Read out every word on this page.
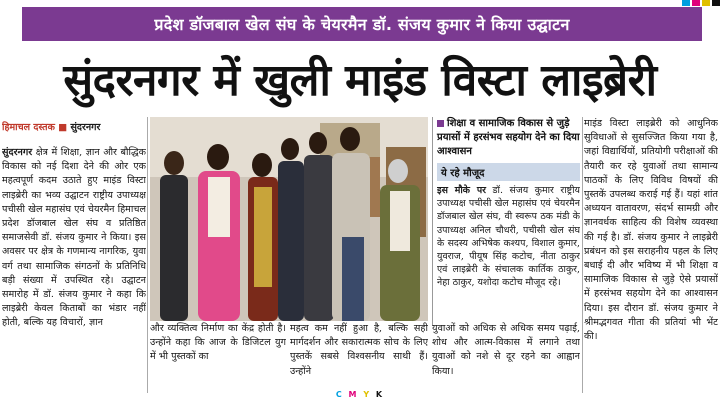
प्रदेश डॉजबाल खेल संघ के चेयरमैन डॉ. संजय कुमार ने किया उद्घाटन
सुंदरनगर में खुली माइंड विस्टा लाइब्रेरी
हिमाचल दस्तक ■ सुंदरनगर

सुंदरनगर क्षेत्र में शिक्षा, ज्ञान और बौद्धिक विकास को नई दिशा देने की ओर एक महत्वपूर्ण कदम उठाते हुए माइंड विस्टा लाइब्रेरी का भव्य उद्घाटन राष्ट्रीय उपाध्यक्ष पचीसी खेल महासंघ एवं चेयरमैन हिमाचल प्रदेश डॉजबाल खेल संघ व प्रतिष्ठित समाजसेवी डॉ. संजय कुमार ने किया। इस अवसर पर क्षेत्र के गणमान्य नागरिक, युवा वर्ग तथा सामाजिक संगठनों के प्रतिनिधि बड़ी संख्या में उपस्थित रहे। उद्घाटन समारोह में डॉ. संजय कुमार ने कहा कि लाइब्रेरी केवल किताबों का भंडार नहीं होती, बल्कि यह विचारों, ज्ञान

और व्यक्तित्व निर्माण का केंद्र होती है। उन्होंने कहा कि आज के डिजिटल युग में भी पुस्तकों का

महत्व कम नहीं हुआ है, बल्कि सही मार्गदर्शन और सकारात्मक सोच के लिए पुस्तकें सबसे विश्वसनीय साथी हैं। उन्होंने

शिक्षा व सामाजिक विकास से जुड़े प्रयासों में हरसंभव सहयोग देने का दिया आश्वासन
ये रहे मौजूद
इस मौके पर डॉ. संजय कुमार राष्ट्रीय उपाध्यक्ष पचीसी खेल महासंघ एवं चेयरमैन डॉजबाल खेल संघ, वी स्वरूप ठक मंडी के उपाध्यक्ष अनिल चौधरी, पचीसी खेल संघ के सदस्य अभिषेक कश्यप, विशाल कुमार, युवराज, पीयूष सिंह कटोच, नीता ठाकुर एवं लाइब्रेरी के संचालक कार्तिक ठाकुर, नेहा ठाकुर, यशोदा कटोच मौजूद रहे।

युवाओं को अधिक से अधिक समय पढ़ाई, शोध और आत्म-विकास में लगाने तथा युवाओं को नशे से दूर रहने का आह्वान किया।

माइंड विस्टा लाइब्रेरी को आधुनिक सुविधाओं से सुसज्जित किया गया है, जहां विद्यार्थियों, प्रतियोगी परीक्षाओं की तैयारी कर रहे युवाओं तथा सामान्य पाठकों के लिए विविध विषयों की पुस्तकें उपलब्ध कराई गई हैं। यहां शांत अध्ययन वातावरण, संदर्भ सामग्री और ज्ञानवर्धक साहित्य की विशेष व्यवस्था की गई है। डॉ. संजय कुमार ने लाइब्रेरी प्रबंधन को इस सराहनीय पहल के लिए बधाई दी और भविष्य में भी शिक्षा व सामाजिक विकास से जुड़े ऐसे प्रयासों में हरसंभव सहयोग देने का आश्वासन दिया। इस दौरान डॉ. संजय कुमार ने श्रीमद्भगवत गीता की प्रतियां भी भेंट की।

C M Y K
